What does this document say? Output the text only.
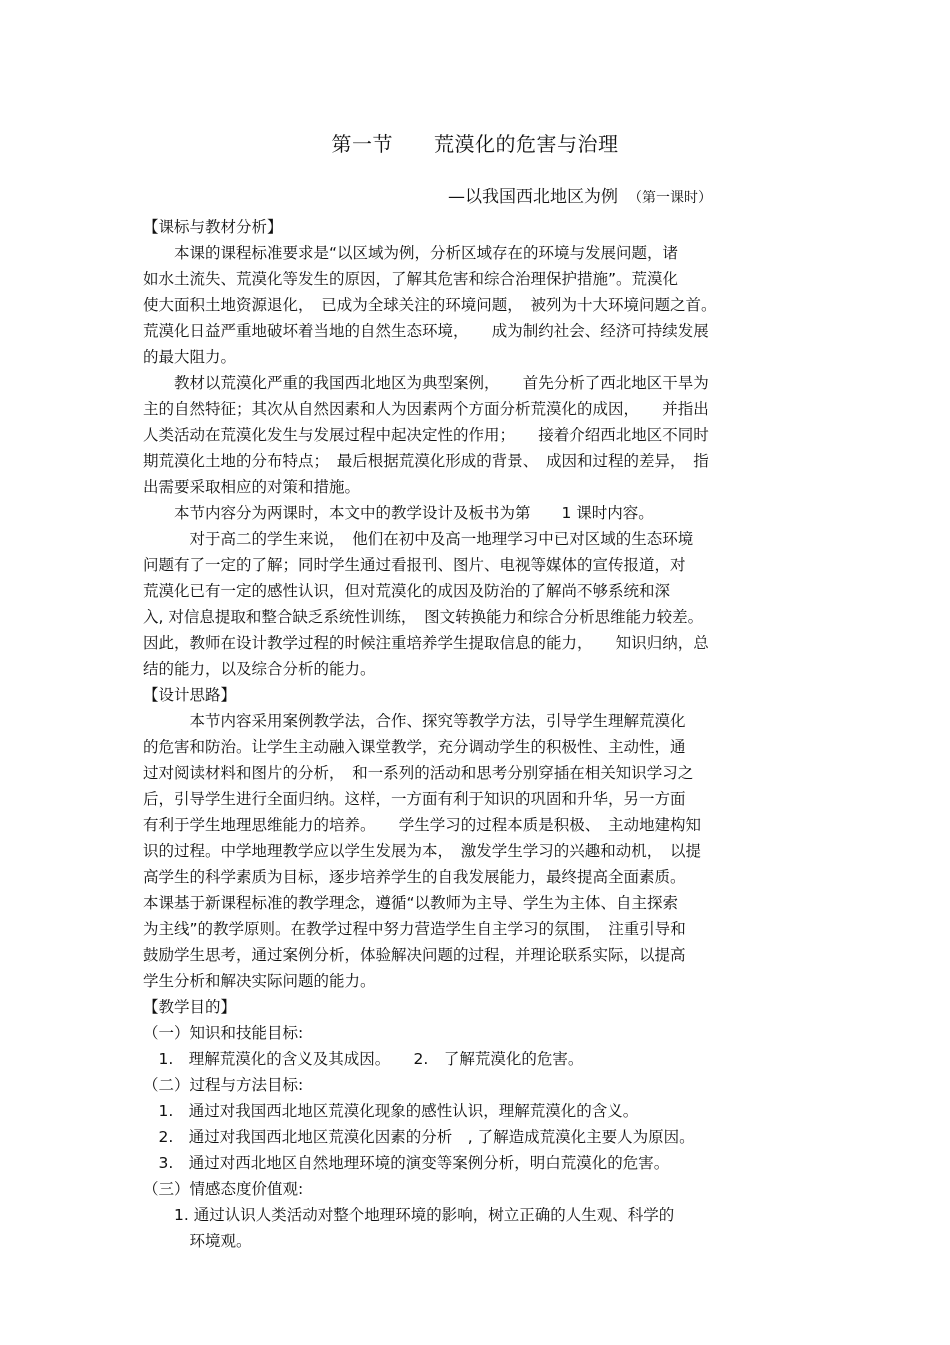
第一节　　荒漠化的危害与治理
—以我国西北地区为例 （第一课时）

【课标与教材分析】

　　本课的课程标准要求是“以区域为例，分析区域存在的环境与发展问题，诸

如水土流失、荒漠化等发生的原因，了解其危害和综合治理保护措施”。荒漠化

使大面积土地资源退化，　已成为全球关注的环境问题，　被列为十大环境问题之首。

荒漠化日益严重地破坏着当地的自然生态环境，　　成为制约社会、经济可持续发展

的最大阻力。

　　教材以荒漠化严重的我国西北地区为典型案例，　　首先分析了西北地区干旱为

主的自然特征；其次从自然因素和人为因素两个方面分析荒漠化的成因，　　并指出

人类活动在荒漠化发生与发展过程中起决定性的作用；　　接着介绍西北地区不同时

期荒漠化土地的分布特点；　最后根据荒漠化形成的背景、　成因和过程的差异，　指

出需要采取相应的对策和措施。

　　本节内容分为两课时，本文中的教学设计及板书为第　　1 课时内容。

　　　对于高二的学生来说，　他们在初中及高一地理学习中已对区域的生态环境

问题有了一定的了解；同时学生通过看报刊、图片、电视等媒体的宣传报道，对

荒漠化已有一定的感性认识，但对荒漠化的成因及防治的了解尚不够系统和深

入, 对信息提取和整合缺乏系统性训练，　图文转换能力和综合分析思维能力较差。

因此，教师在设计教学过程的时候注重培养学生提取信息的能力，　　知识归纳，总

结的能力，以及综合分析的能力。

【设计思路】

　　　本节内容采用案例教学法，合作、探究等教学方法，引导学生理解荒漠化

的危害和防治。让学生主动融入课堂教学，充分调动学生的积极性、主动性，通

过对阅读材料和图片的分析，　和一系列的活动和思考分别穿插在相关知识学习之

后，引导学生进行全面归纳。这样，一方面有利于知识的巩固和升华，另一方面

有利于学生地理思维能力的培养。　　学生学习的过程本质是积极、　主动地建构知

识的过程。中学地理教学应以学生发展为本，　激发学生学习的兴趣和动机，　以提

高学生的科学素质为目标，逐步培养学生的自我发展能力，最终提高全面素质。

本课基于新课程标准的教学理念，遵循“以教师为主导、学生为主体、自主探索

为主线”的教学原则。在教学过程中努力营造学生自主学习的氛围，　注重引导和

鼓励学生思考，通过案例分析，体验解决问题的过程，并理论联系实际，以提高

学生分析和解决实际问题的能力。

【教学目的】

（一）知识和技能目标:

　1.　理解荒漠化的含义及其成因。　　2.　了解荒漠化的危害。

（二）过程与方法目标:

　1.　通过对我国西北地区荒漠化现象的感性认识，理解荒漠化的含义。

　2.　通过对我国西北地区荒漠化因素的分析　, 了解造成荒漠化主要人为原因。

　3.　通过对西北地区自然地理环境的演变等案例分析，明白荒漠化的危害。

（三）情感态度价值观:

　　1. 通过认识人类活动对整个地理环境的影响，树立正确的人生观、科学的

　　　环境观。
